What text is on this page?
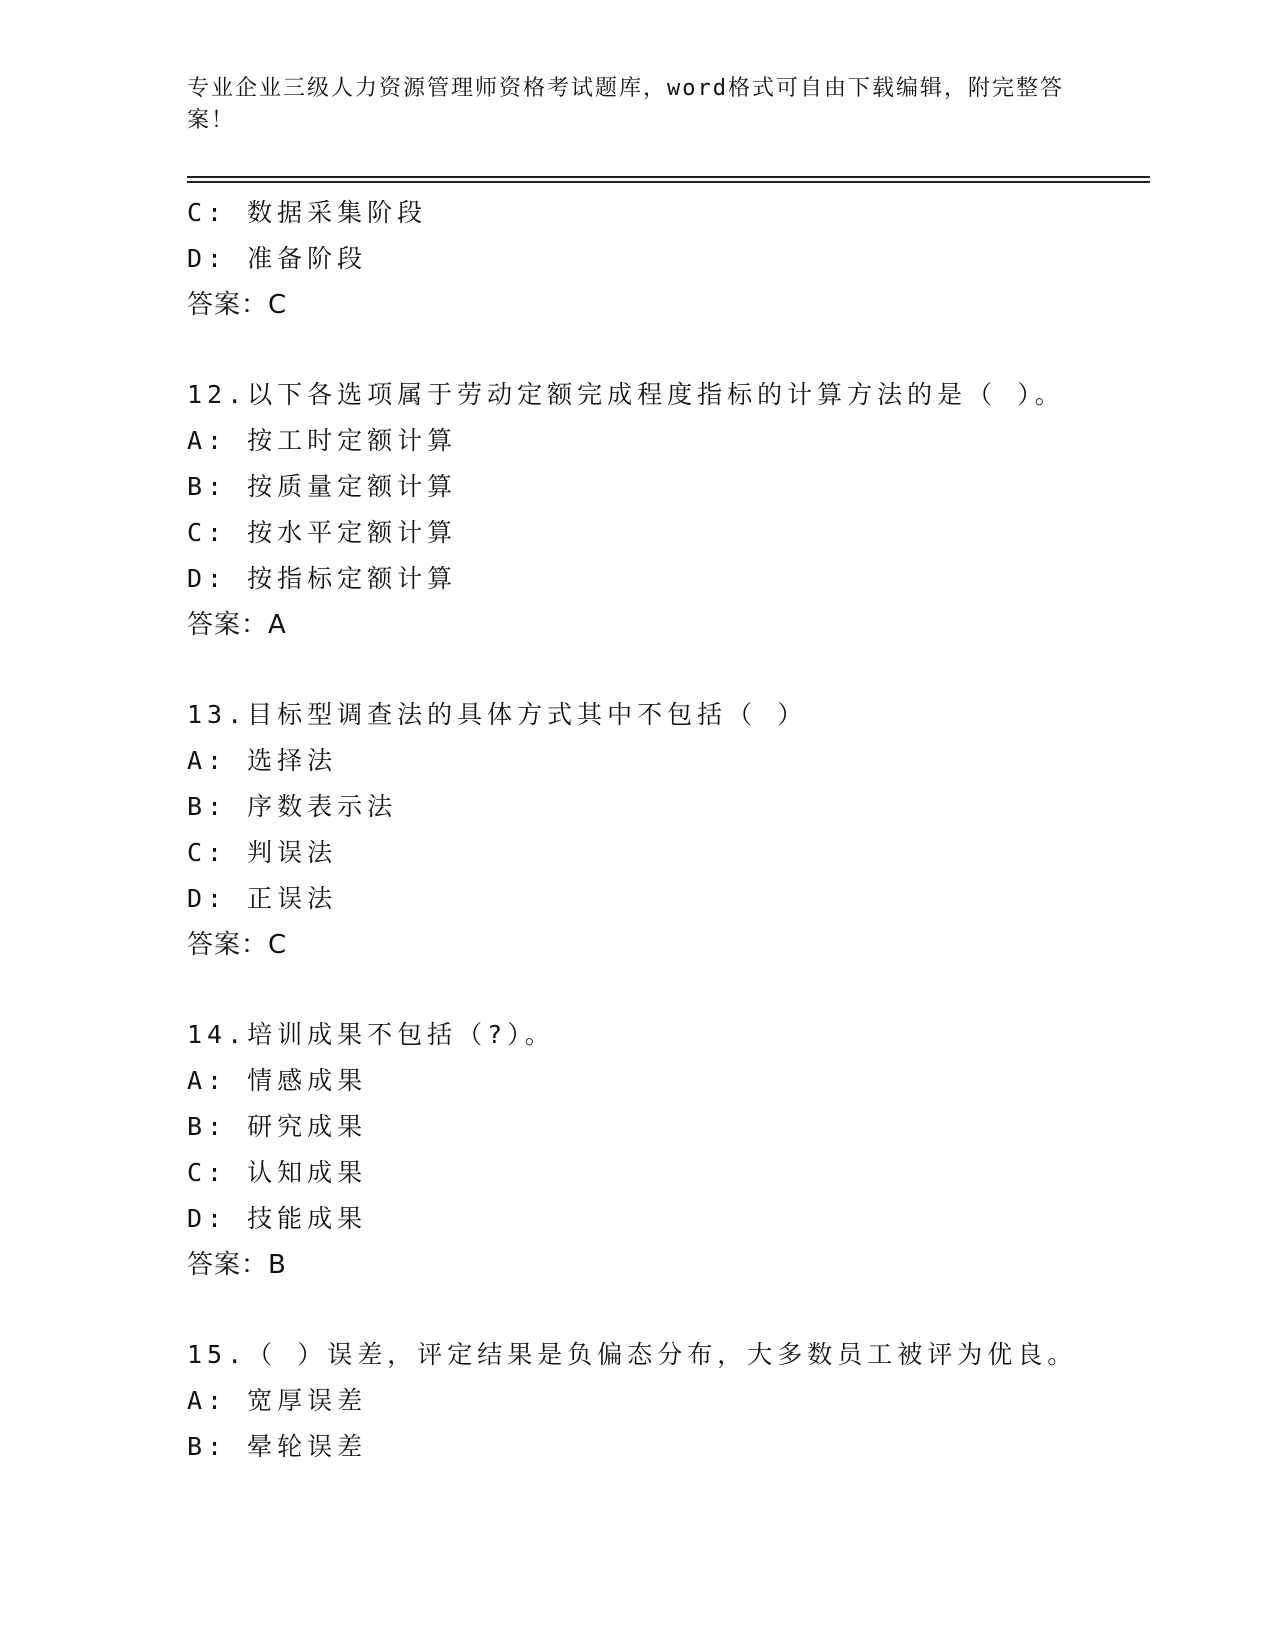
专业企业三级人力资源管理师资格考试题库，word格式可自由下载编辑，附完整答案！
C: 数据采集阶段
D: 准备阶段
答案：C
12.以下各选项属于劳动定额完成程度指标的计算方法的是（ ）。
A: 按工时定额计算
B: 按质量定额计算
C: 按水平定额计算
D: 按指标定额计算
答案：A
13.目标型调查法的具体方式其中不包括（ ）
A: 选择法
B: 序数表示法
C: 判误法
D: 正误法
答案：C
14.培训成果不包括（?）。
A: 情感成果
B: 研究成果
C: 认知成果
D: 技能成果
答案：B
15.（ ）误差，评定结果是负偏态分布，大多数员工被评为优良。
A: 宽厚误差
B: 晕轮误差
